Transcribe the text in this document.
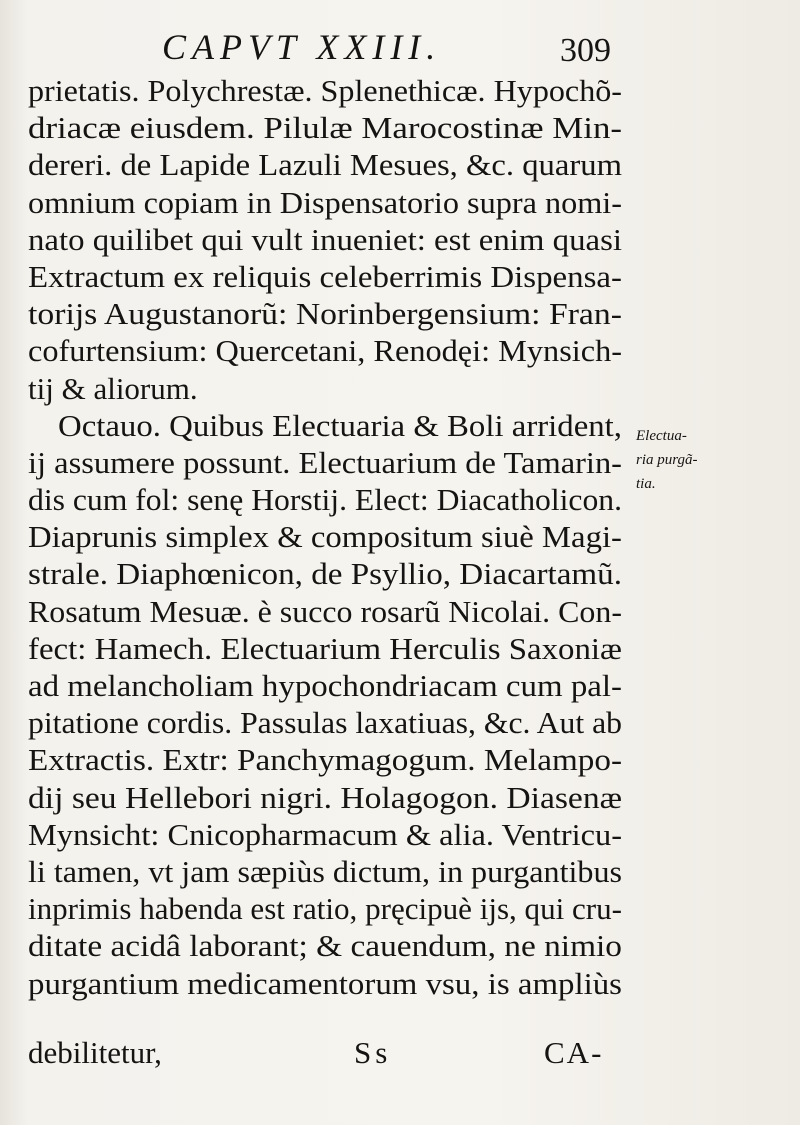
CAPVT XXIII.	309
prietatis. Polychrestæ. Splenethicæ. Hypochõ-
driacæ eiusdem. Pilulæ Marocostinæ Min-
dereri. de Lapide Lazuli Mesues, &c. quarum
omnium copiam in Dispensatorio supra nomi-
nato quilibet qui vult inueniet: est enim quasi
Extractum ex reliquis celeberrimis Dispensa-
torijs Augustanorũ: Norinbergensium: Fran-
cofurtensium: Quercetani, Renodęi: Mynsich-
tij & aliorum.
Octauo. Quibus Electuaria & Boli arrident,
ij assumere possunt. Electuarium de Tamarin-
dis cum fol: senę Horstij. Elect: Diacatholicon.
Diaprunis simplex & compositum siuè Magi-
strale. Diaphœnicon, de Psyllio, Diacartamũ.
Rosatum Mesuæ. è succo rosarũ Nicolai. Con-
fect: Hamech. Electuarium Herculis Saxoniæ
ad melancholiam hypochondriacam cum pal-
pitatione cordis. Passulas laxatiuas, &c. Aut ab
Extractis. Extr: Panchymagogum. Melampo-
dij seu Hellebori nigri. Holagogon. Diasenæ
Mynsicht: Cnicopharmacum & alia. Ventricu-
li tamen, vt jam sæpiùs dictum, in purgantibus
inprimis habenda est ratio, pręcipuè ijs, qui cru-
ditate acidâ laborant; & cauendum, ne nimio
purgantium medicamentorum vsu, is ampliùs
Electua-
ria purgã-
tia.
debilitetur,	Ss	CA-
